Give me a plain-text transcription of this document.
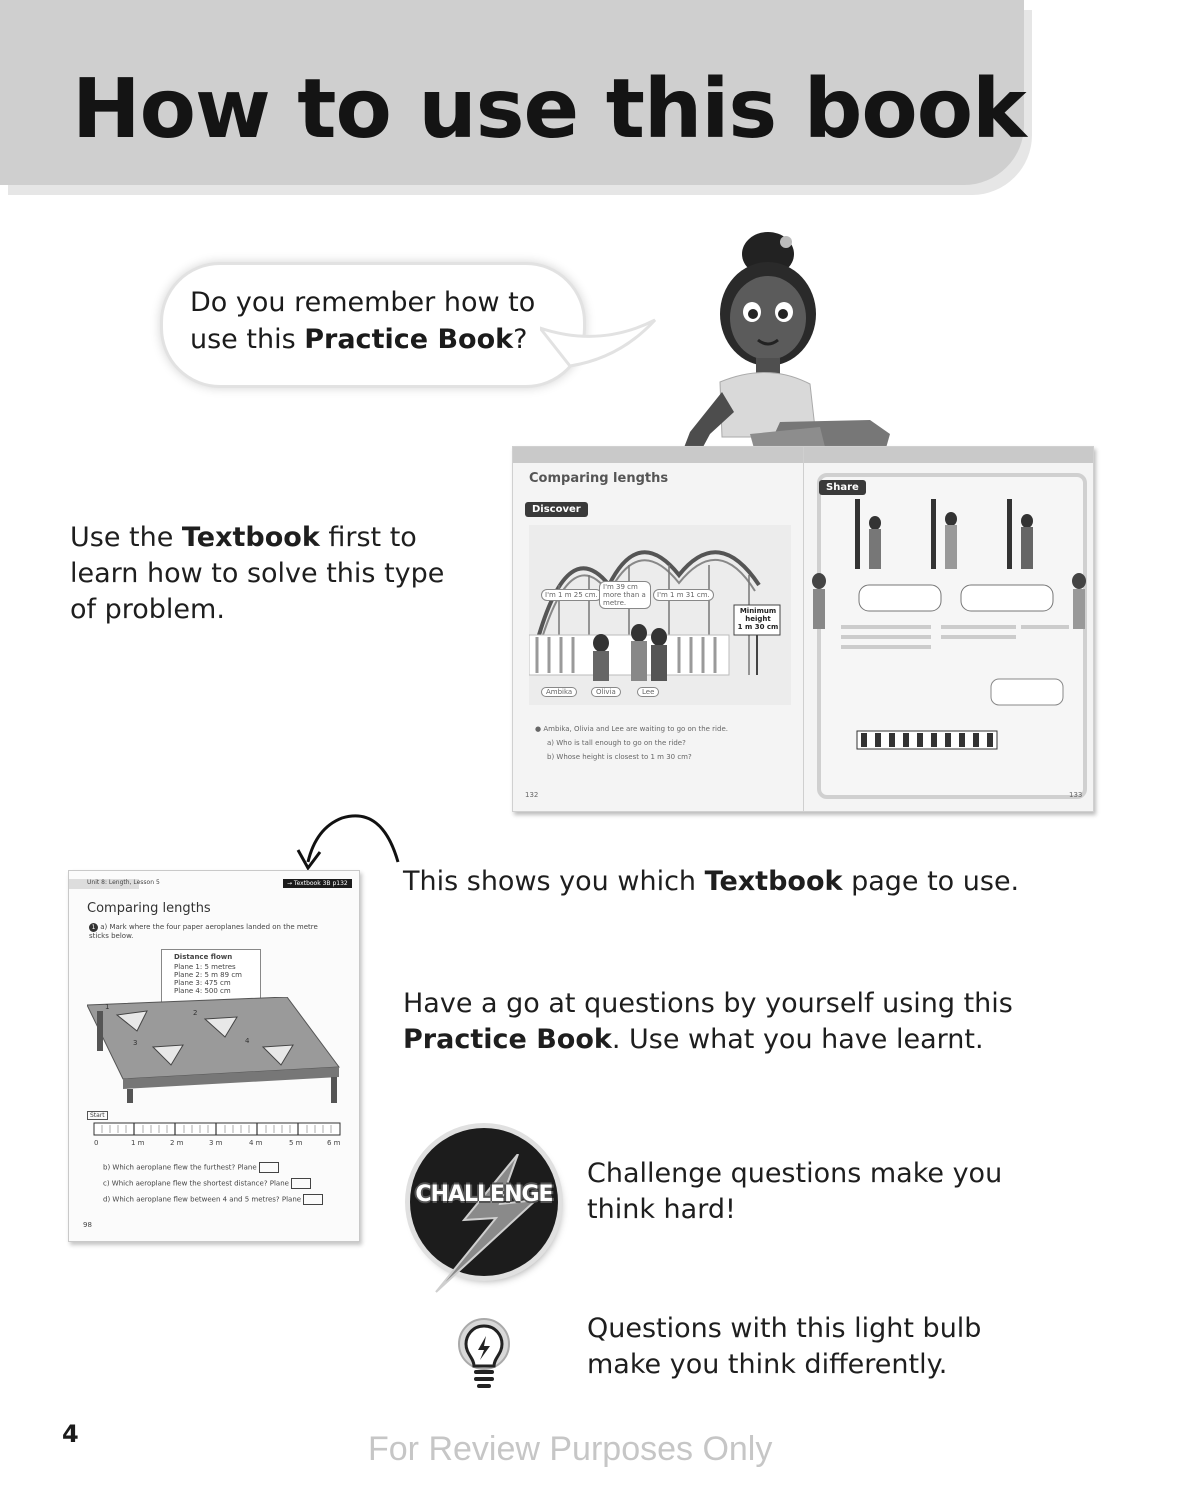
How to use this book
Do you remember how to
use this Practice Book?
Use the Textbook first to
learn how to solve this type
of problem.
Comparing lengths
Discover
I'm 1 m 25 cm.
I'm 39 cm more than a metre.
I'm 1 m 31 cm.
Minimum
height
1 m 30 cm
Ambika	Olivia	Lee
● Ambika, Olivia and Lee are waiting to go on the ride.
a) Who is tall enough to go on the ride?
b) Whose height is closest to 1 m 30 cm?
132
Share
133
Unit 8: Length, Lesson 5	→ Textbook 3B p132
Comparing lengths
1 a) Mark where the four paper aeroplanes landed on the metre sticks below.
Distance flown
Plane 1: 5 metres
Plane 2: 5 m 89 cm
Plane 3: 475 cm
Plane 4: 500 cm
1
2
3	4
Start
0	1 m	2 m	3 m	4 m	5 m	6 m
b) Which aeroplane flew the furthest? Plane
c) Which aeroplane flew the shortest distance? Plane
d) Which aeroplane flew between 4 and 5 metres? Plane
98
This shows you which Textbook page to use.
Have a go at questions by yourself using this
Practice Book. Use what you have learnt.
CHALLENGE
Challenge questions make you
think hard!
Questions with this light bulb
make you think differently.
4	For Review Purposes Only
